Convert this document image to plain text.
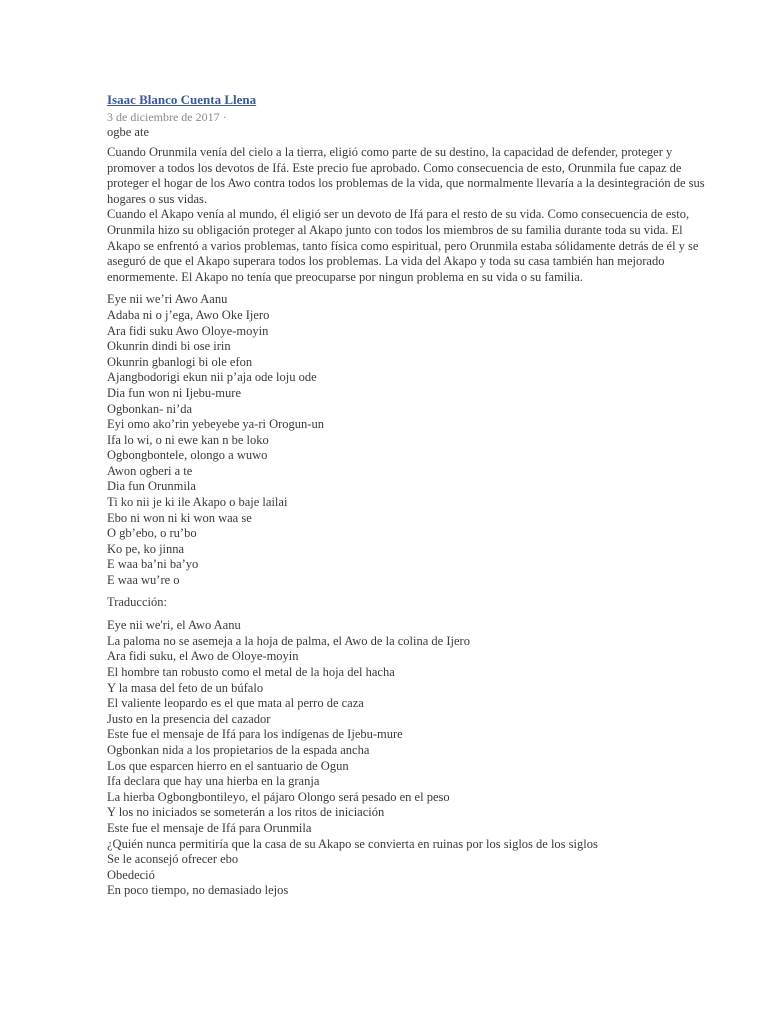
Isaac Blanco Cuenta Llena
3 de diciembre de 2017 ·
ogbe ate

Cuando Orunmila venía del cielo a la tierra, eligió como parte de su destino, la capacidad de defender, proteger y promover a todos los devotos de Ifá. Este precio fue aprobado. Como consecuencia de esto, Orunmila fue capaz de proteger el hogar de los Awo contra todos los problemas de la vida, que normalmente llevaría a la desintegración de sus hogares o sus vidas.

Cuando el Akapo venía al mundo, él eligió ser un devoto de Ifá para el resto de su vida. Como consecuencia de esto, Orunmila hizo su obligación proteger al Akapo junto con todos los miembros de su familia durante toda su vida. El Akapo se enfrentó a varios problemas, tanto física como espiritual, pero Orunmila estaba sólidamente detrás de él y se aseguró de que el Akapo superara todos los problemas. La vida del Akapo y toda su casa también han mejorado enormemente. El Akapo no tenía que preocuparse por ningun problema en su vida o su familia.

Eye nii we’ri Awo Aanu
Adaba ni o j’ega, Awo Oke Ijero
Ara fidi suku Awo Oloye-moyin
Okunrin dindi bi ose irin
Okunrin gbanlogi bi ole efon
Ajangbodorigi ekun nii p’aja ode loju ode
Dia fun won ni Ijebu-mure
Ogbonkan- ni’da
Eyi omo ako’rin yebeyebe ya-ri Orogun-un
Ifa lo wi, o ni ewe kan n be loko
Ogbongbontele, olongo a wuwo
Awon ogberi a te
Dia fun Orunmila
Ti ko nii je ki ile Akapo o baje lailai
Ebo ni won ni ki won waa se
O gb’ebo, o ru’bo
Ko pe, ko jinna
E waa ba’ni ba’yo
E waa wu’re o
Traducción:
Eye nii we'ri, el Awo Aanu
La paloma no se asemeja a la hoja de palma, el Awo de la colina de Ijero
Ara fidi suku, el Awo de Oloye-moyin
El hombre tan robusto como el metal de la hoja del hacha
Y la masa del feto de un búfalo
El valiente leopardo es el que mata al perro de caza
Justo en la presencia del cazador
Este fue el mensaje de Ifá para los indígenas de Ijebu-mure
Ogbonkan nida a los propietarios de la espada ancha
Los que esparcen hierro en el santuario de Ogun
Ifa declara que hay una hierba en la granja
La hierba Ogbongbontileyo, el pájaro Olongo será pesado en el peso
Y los no iniciados se someterán a los ritos de iniciación
Este fue el mensaje de Ifá para Orunmila
¿Quién nunca permitiría que la casa de su Akapo se convierta en ruinas por los siglos de los siglos
Se le aconsejó ofrecer ebo
Obedeció
En poco tiempo, no demasiado lejos
